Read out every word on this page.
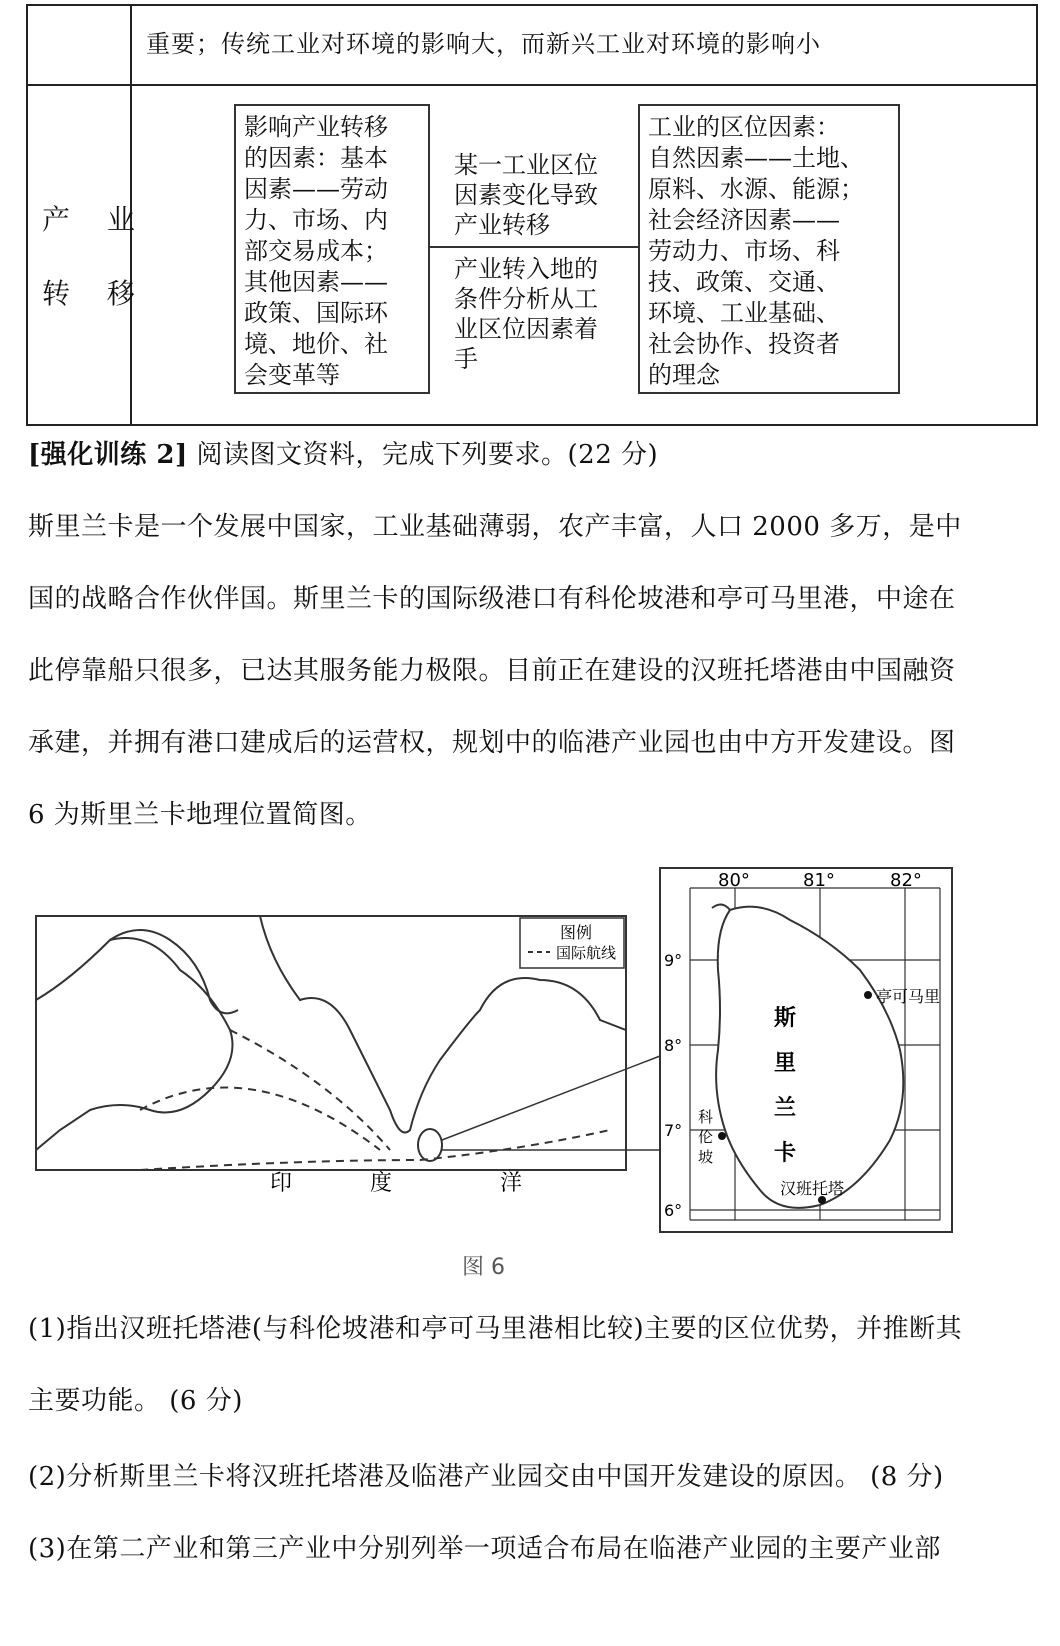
重要；传统工业对环境的影响大，而新兴工业对环境的影响小
产 业
转 移
影响产业转移
的因素：基本
因素——劳动
力、市场、内
部交易成本；
其他因素——
政策、国际环
境、地价、社
会变革等
某一工业区位
因素变化导致
产业转移
产业转入地的
条件分析从工
业区位因素着
手
工业的区位因素：
自然因素——土地、
原料、水源、能源；
社会经济因素——
劳动力、市场、科
技、政策、交通、
环境、工业基础、
社会协作、投资者
的理念
[强化训练 2] 阅读图文资料，完成下列要求。(22 分)
斯里兰卡是一个发展中国家，工业基础薄弱，农产丰富，人口 2000 多万，是中
国的战略合作伙伴国。斯里兰卡的国际级港口有科伦坡港和亭可马里港，中途在
此停靠船只很多，已达其服务能力极限。目前正在建设的汉班托塔港由中国融资
承建，并拥有港口建成后的运营权，规划中的临港产业园也由中方开发建设。图
6 为斯里兰卡地理位置简图。
图例
国际航线
印	度	洋
80°	81°	82°
9°
8°
7°
6°
斯
里
兰
卡
亭可马里
科
伦
坡
汉班托塔
图 6
(1)指出汉班托塔港(与科伦坡港和亭可马里港相比较)主要的区位优势，并推断其
主要功能。 (6 分)
(2)分析斯里兰卡将汉班托塔港及临港产业园交由中国开发建设的原因。 (8 分)
(3)在第二产业和第三产业中分别列举一项适合布局在临港产业园的主要产业部
